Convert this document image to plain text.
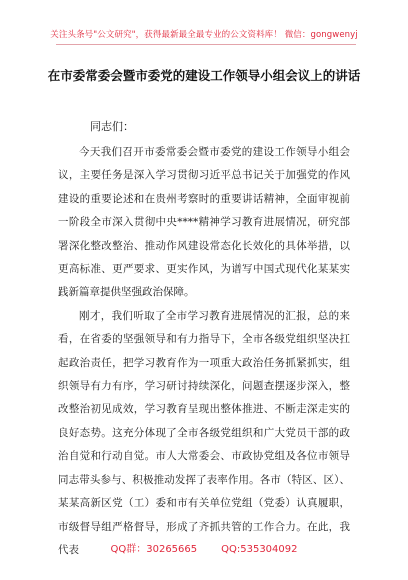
关注头条号"公文研究"，获得最新最全最专业的公文资料库！ 微信：gongwenyj
在市委常委会暨市委党的建设工作领导小组会议上的讲话
同志们：

今天我们召开市委常委会暨市委党的建设工作领导小组会议，主要任务是深入学习贯彻习近平总书记关于加强党的作风建设的重要论述和在贵州考察时的重要讲话精神，全面审视前一阶段全市深入贯彻中央****精神学习教育进展情况，研究部署深化整改整治、推动作风建设常态化长效化的具体举措，以更高标准、更严要求、更实作风，为谱写中国式现代化某某实践新篇章提供坚强政治保障。

刚才，我们听取了全市学习教育进展情况的汇报，总的来看，在省委的坚强领导和有力指导下，全市各级党组织坚决扛起政治责任，把学习教育作为一项重大政治任务抓紧抓实，组织领导有力有序，学习研讨持续深化，问题查摆逐步深入，整改整治初见成效，学习教育呈现出整体推进、不断走深走实的良好态势。这充分体现了全市各级党组织和广大党员干部的政治自觉和行动自觉。市人大常委会、市政协党组及各位市领导同志带头参与、积极推动发挥了表率作用。各市（特区、区）、某某高新区党（工）委和市有关单位党组（党委）认真履职，市级督导组严格督导，形成了齐抓共管的工作合力。在此，我代表	QQ群：30265665 QQ:535304092
